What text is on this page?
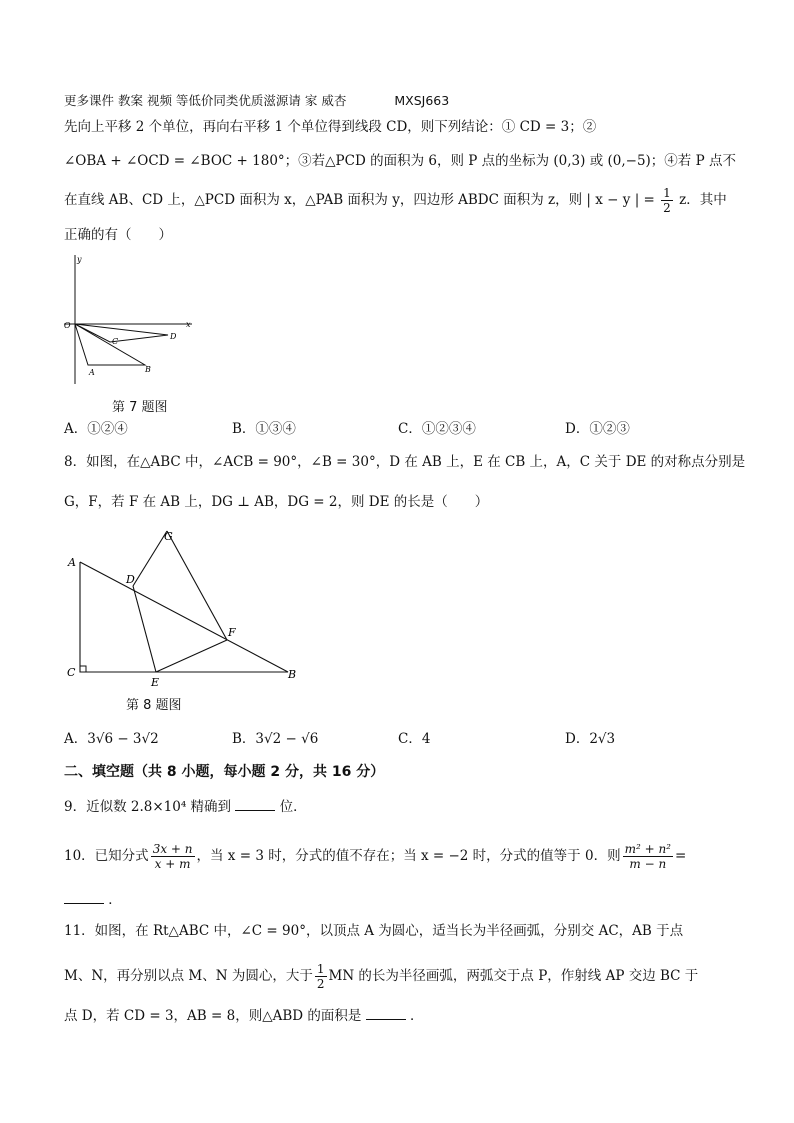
更多课件 教案 视频 等低价同类优质滋源请 家 威杏	MXSJ663
先向上平移 2 个单位，再向右平移 1 个单位得到线段 CD，则下列结论：① CD = 3；②
∠OBA + ∠OCD = ∠BOC + 180°；③若△PCD 的面积为 6，则 P 点的坐标为 (0,3) 或 (0,−5)；④若 P 点不
在直线 AB、CD 上，△PCD 面积为 x，△PAB 面积为 y，四边形 ABDC 面积为 z，则 | x − y | = $\frac{1}{2}$ z．其中
正确的有（　　）
y
x
O
A	B
C
D
第 7 题图
A．①②④	B．①③④	C．①②③④	D．①②③
8．如图，在△ABC 中，∠ACB = 90°，∠B = 30°，D 在 AB 上，E 在 CB 上，A，C 关于 DE 的对称点分别是
G，F，若 F 在 AB 上，DG ⊥ AB，DG = 2，则 DE 的长是（　　）
A
C	B
D
E
F
G
第 8 题图
A．3√6 − 3√2	B．3√2 − √6	C．4	D．2√3
二、填空题（共 8 小题，每小题 2 分，共 16 分）
9．近似数 2.8×10⁴ 精确到	位．
10．已知分式 $\frac{3x + n}{x + m}$ ，当 x = 3 时，分式的值不存在；当 x = −2 时，分式的值等于 0．则 $\frac{\text{m² + n²}}{m - n}$ =
．
11．如图，在 Rt△ABC 中，∠C = 90°，以顶点 A 为圆心，适当长为半径画弧，分别交 AC，AB 于点
M、N，再分别以点 M、N 为圆心，大于 $\frac{1}{2}$ MN 的长为半径画弧，两弧交于点 P，作射线 AP 交边 BC 于
点 D，若 CD = 3，AB = 8，则△ABD 的面积是	．
